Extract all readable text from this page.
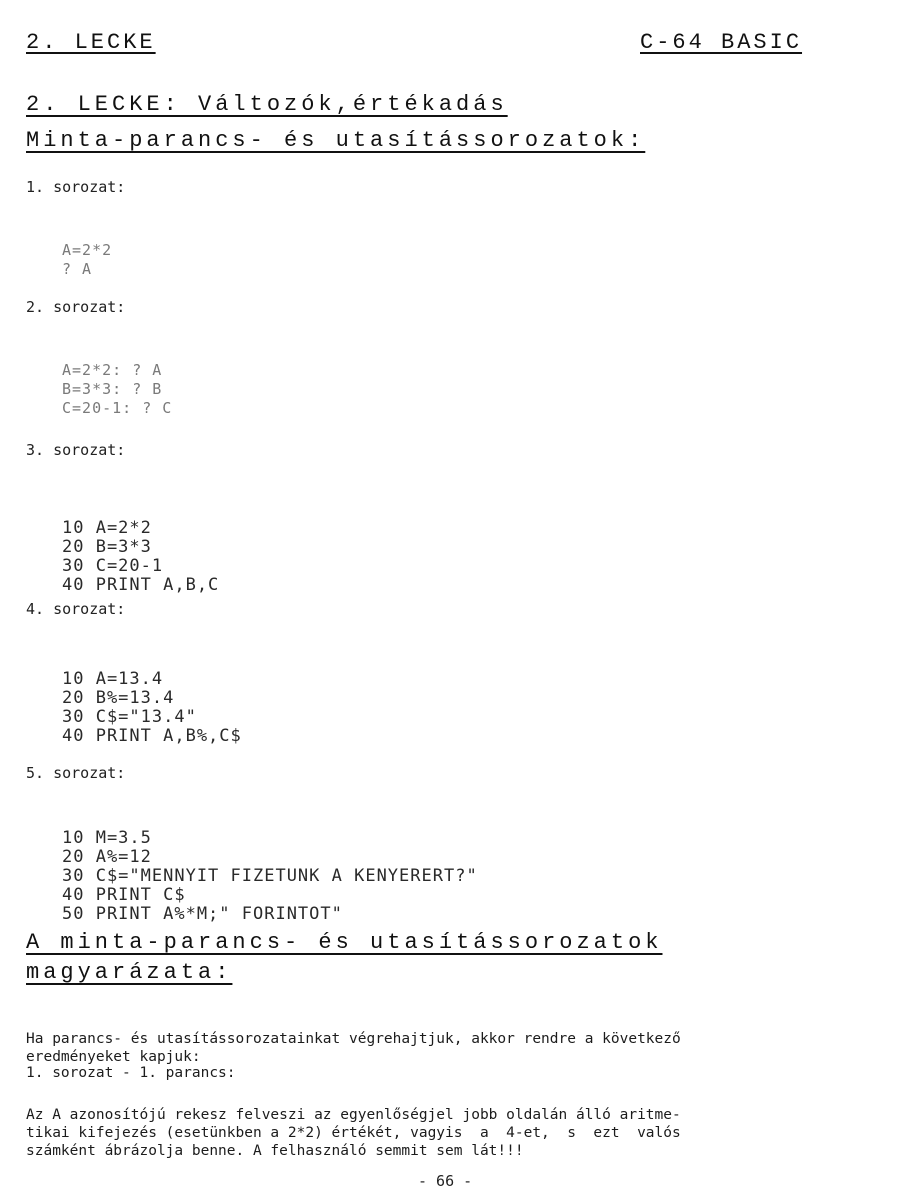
2. LECKE	C-64 BASIC
2. LECKE: Változók,értékadás
Minta-parancs- és utasítássorozatok:
1. sorozat:

A=2*2
? A
2. sorozat:

A=2*2: ? A
B=3*3: ? B
C=20-1: ? C
3. sorozat:

10 A=2*2
20 B=3*3
30 C=20-1
40 PRINT A,B,C
4. sorozat:

10 A=13.4
20 B%=13.4
30 C$="13.4"
40 PRINT A,B%,C$
5. sorozat:

10 M=3.5
20 A%=12
30 C$="MENNYIT FIZETUNK A KENYERERT?"
40 PRINT C$
50 PRINT A%*M;" FORINTOT"
A minta-parancs- és utasítássorozatok
magyarázata:

Ha parancs- és utasítássorozatainkat végrehajtjuk, akkor rendre a következő
eredményeket kapjuk:
1. sorozat - 1. parancs:

Az A azonosítójú rekesz felveszi az egyenlőségjel jobb oldalán álló aritme-
tikai kifejezés (esetünkben a 2*2) értékét, vagyis  a  4-et,  s  ezt  valós
számként ábrázolja benne. A felhasználó semmit sem lát!!!
- 66 -
